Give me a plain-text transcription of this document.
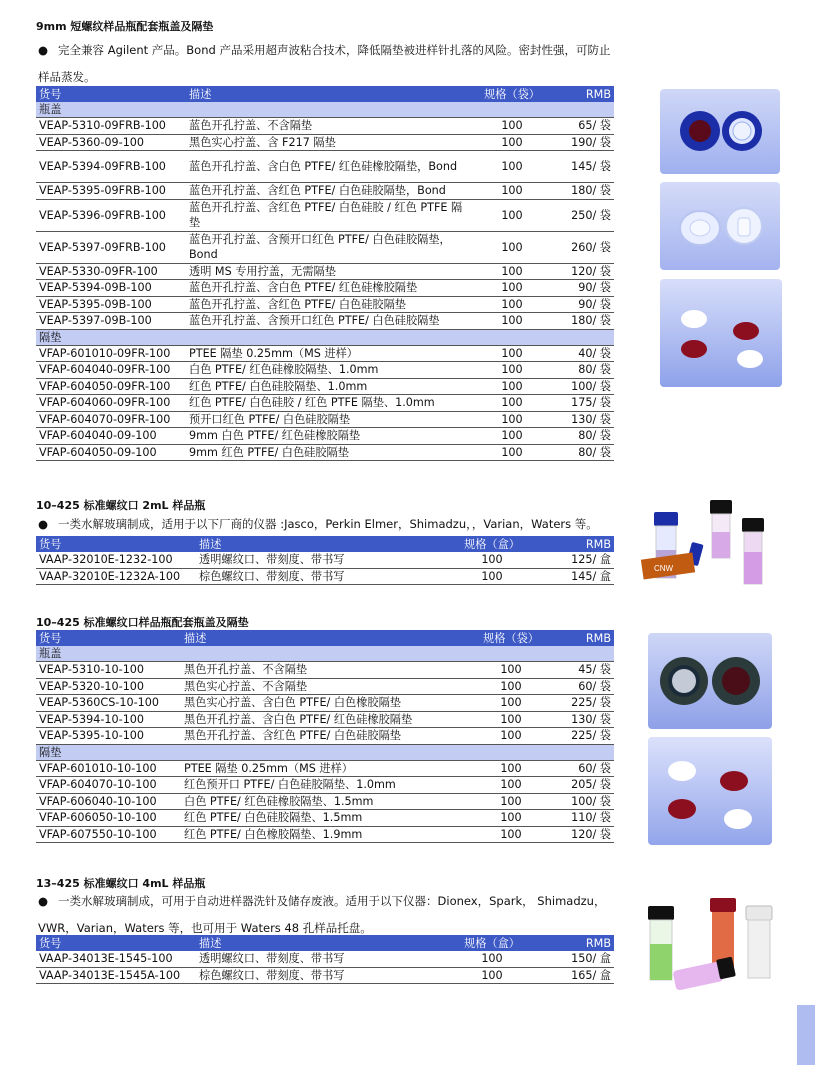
9mm 短螺纹样品瓶配套瓶盖及隔垫
● 完全兼容 Agilent 产品。Bond 产品采用超声波粘合技术，降低隔垫被进样针扎落的风险。密封性强，可防止样品蒸发。
货号	描述	规格（袋）	RMB
瓶盖			
VEAP-5310-09FRB-100	蓝色开孔拧盖、不含隔垫	100	65/ 袋
VEAP-5360-09-100	黑色实心拧盖、含 F217 隔垫	100	190/ 袋
VEAP-5394-09FRB-100	蓝色开孔拧盖、含白色 PTFE/ 红色硅橡胶隔垫，Bond	100	145/ 袋
VEAP-5395-09FRB-100	蓝色开孔拧盖、含红色 PTFE/ 白色硅胶隔垫，Bond	100	180/ 袋
VEAP-5396-09FRB-100	蓝色开孔拧盖、含红色 PTFE/ 白色硅胶 / 红色 PTFE 隔垫	100	250/ 袋
VEAP-5397-09FRB-100	蓝色开孔拧盖、含预开口红色 PTFE/ 白色硅胶隔垫，Bond	100	260/ 袋
VEAP-5330-09FR-100	透明 MS 专用拧盖，无需隔垫	100	120/ 袋
VEAP-5394-09B-100	蓝色开孔拧盖、含白色 PTFE/ 红色硅橡胶隔垫	100	90/ 袋
VEAP-5395-09B-100	蓝色开孔拧盖、含红色 PTFE/ 白色硅胶隔垫	100	90/ 袋
VEAP-5397-09B-100	蓝色开孔拧盖、含预开口红色 PTFE/ 白色硅胶隔垫	100	180/ 袋
隔垫			
VFAP-601010-09FR-100	PTEE 隔垫 0.25mm（MS 进样）	100	40/ 袋
VFAP-604040-09FR-100	白色 PTFE/ 红色硅橡胶隔垫、1.0mm	100	80/ 袋
VFAP-604050-09FR-100	红色 PTFE/ 白色硅胶隔垫、1.0mm	100	100/ 袋
VFAP-604060-09FR-100	红色 PTFE/ 白色硅胶 / 红色 PTFE 隔垫、1.0mm	100	175/ 袋
VFAP-604070-09FR-100	预开口红色 PTFE/ 白色硅胶隔垫	100	130/ 袋
VFAP-604040-09-100	9mm 白色 PTFE/ 红色硅橡胶隔垫	100	80/ 袋
VFAP-604050-09-100	9mm 红色 PTFE/ 白色硅胶隔垫	100	80/ 袋
10–425 标准螺纹口 2mL 样品瓶
● 一类水解玻璃制成，适用于以下厂商的仪器 :Jasco，Perkin Elmer，Shimadzu，，Varian，Waters 等。
货号	描述	规格（盒）	RMB
VAAP-32010E-1232-100	透明螺纹口、带刻度、带书写	100	125/ 盒
VAAP-32010E-1232A-100	棕色螺纹口、带刻度、带书写	100	145/ 盒
10–425 标准螺纹口样品瓶配套瓶盖及隔垫
货号	描述	规格（袋）	RMB
瓶盖			
VEAP-5310-10-100	黑色开孔拧盖、不含隔垫	100	45/ 袋
VEAP-5320-10-100	黑色实心拧盖、不含隔垫	100	60/ 袋
VEAP-5360CS-10-100	黑色实心拧盖、含白色 PTFE/ 白色橡胶隔垫	100	225/ 袋
VEAP-5394-10-100	黑色开孔拧盖、含白色 PTFE/ 红色硅橡胶隔垫	100	130/ 袋
VEAP-5395-10-100	黑色开孔拧盖、含红色 PTFE/ 白色硅胶隔垫	100	225/ 袋
隔垫			
VFAP-601010-10-100	PTEE 隔垫 0.25mm（MS 进样）	100	60/ 袋
VFAP-604070-10-100	红色预开口 PTFE/ 白色硅胶隔垫、1.0mm	100	205/ 袋
VFAP-606040-10-100	白色 PTFE/ 红色硅橡胶隔垫、1.5mm	100	100/ 袋
VFAP-606050-10-100	红色 PTFE/ 白色硅胶隔垫、1.5mm	100	110/ 袋
VFAP-607550-10-100	红色 PTFE/ 白色橡胶隔垫、1.9mm	100	120/ 袋
13–425 标准螺纹口 4mL 样品瓶
● 一类水解玻璃制成，可用于自动进样器洗针及储存废液。适用于以下仪器：Dionex，Spark， Shimadzu，VWR，Varian，Waters 等，也可用于 Waters 48 孔样品托盘。
货号	描述	规格（盒）	RMB
VAAP-34013E-1545-100	透明螺纹口、带刻度、带书写	100	150/ 盒
VAAP-34013E-1545A-100	棕色螺纹口、带刻度、带书写	100	165/ 盒
CNW
